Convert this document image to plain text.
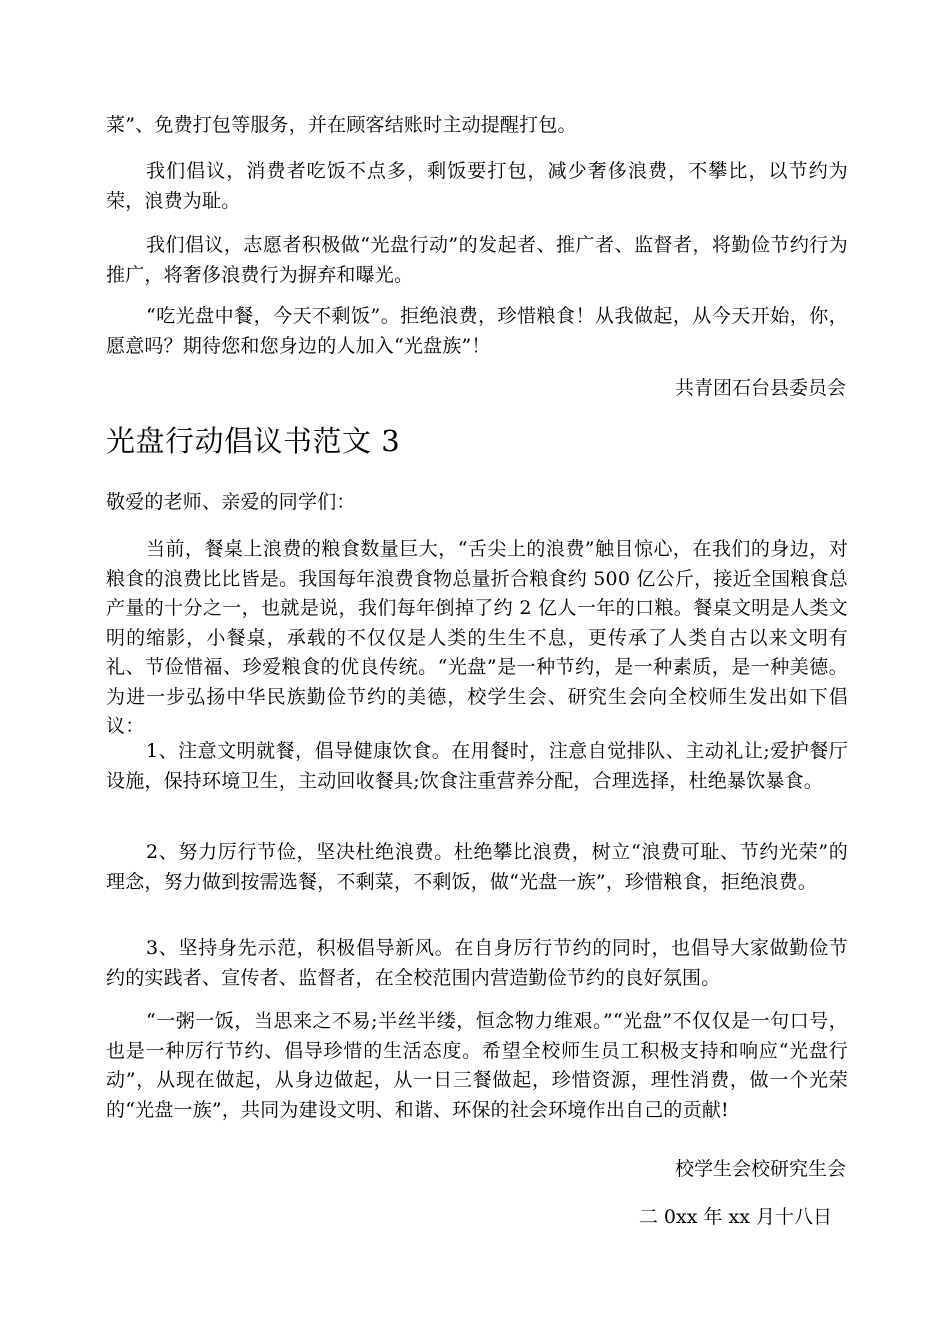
菜”、免费打包等服务，并在顾客结账时主动提醒打包。

我们倡议，消费者吃饭不点多，剩饭要打包，减少奢侈浪费，不攀比，以节约为荣，浪费为耻。

我们倡议，志愿者积极做“光盘行动”的发起者、推广者、监督者，将勤俭节约行为推广，将奢侈浪费行为摒弃和曝光。

“吃光盘中餐，今天不剩饭”。拒绝浪费，珍惜粮食！从我做起，从今天开始，你，愿意吗？期待您和您身边的人加入“光盘族”！

共青团石台县委员会

光盘行动倡议书范文 3

敬爱的老师、亲爱的同学们：

当前，餐桌上浪费的粮食数量巨大，“舌尖上的浪费”触目惊心，在我们的身边，对粮食的浪费比比皆是。我国每年浪费食物总量折合粮食约 500 亿公斤，接近全国粮食总产量的十分之一，也就是说，我们每年倒掉了约 2 亿人一年的口粮。餐桌文明是人类文明的缩影，小餐桌，承载的不仅仅是人类的生生不息，更传承了人类自古以来文明有礼、节俭惜福、珍爱粮食的优良传统。“光盘”是一种节约，是一种素质，是一种美德。为进一步弘扬中华民族勤俭节约的美德，校学生会、研究生会向全校师生发出如下倡议：

1、注意文明就餐，倡导健康饮食。在用餐时，注意自觉排队、主动礼让;爱护餐厅设施，保持环境卫生，主动回收餐具;饮食注重营养分配，合理选择，杜绝暴饮暴食。

2、努力厉行节俭，坚决杜绝浪费。杜绝攀比浪费，树立“浪费可耻、节约光荣”的理念，努力做到按需选餐，不剩菜，不剩饭，做“光盘一族”，珍惜粮食，拒绝浪费。

3、坚持身先示范，积极倡导新风。在自身厉行节约的同时，也倡导大家做勤俭节约的实践者、宣传者、监督者，在全校范围内营造勤俭节约的良好氛围。

“一粥一饭，当思来之不易;半丝半缕，恒念物力维艰。”“光盘”不仅仅是一句口号，也是一种厉行节约、倡导珍惜的生活态度。希望全校师生员工积极支持和响应“光盘行动”，从现在做起，从身边做起，从一日三餐做起，珍惜资源，理性消费，做一个光荣的“光盘一族”，共同为建设文明、和谐、环保的社会环境作出自己的贡献!

校学生会校研究生会

二 0xx 年 xx 月十八日
